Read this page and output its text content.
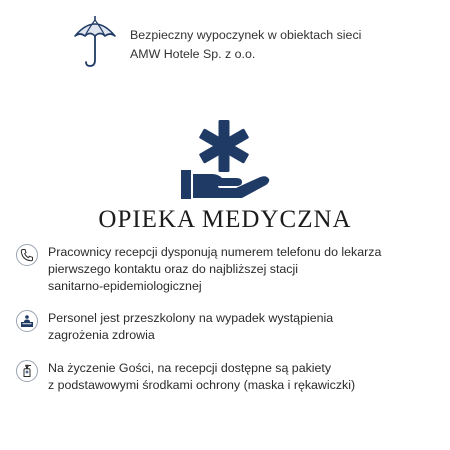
Bezpieczny wypoczynek w obiektach sieci
AMW Hotele Sp. z o.o.
OPIEKA MEDYCZNA
Pracownicy recepcji dysponują numerem telefonu do lekarza
pierwszego kontaktu oraz do najbliższej stacji
sanitarno-epidemiologicznej
Personel jest przeszkolony na wypadek wystąpienia
zagrożenia zdrowia
Na życzenie Gości, na recepcji dostępne są pakiety
z podstawowymi środkami ochrony (maska i rękawiczki)
